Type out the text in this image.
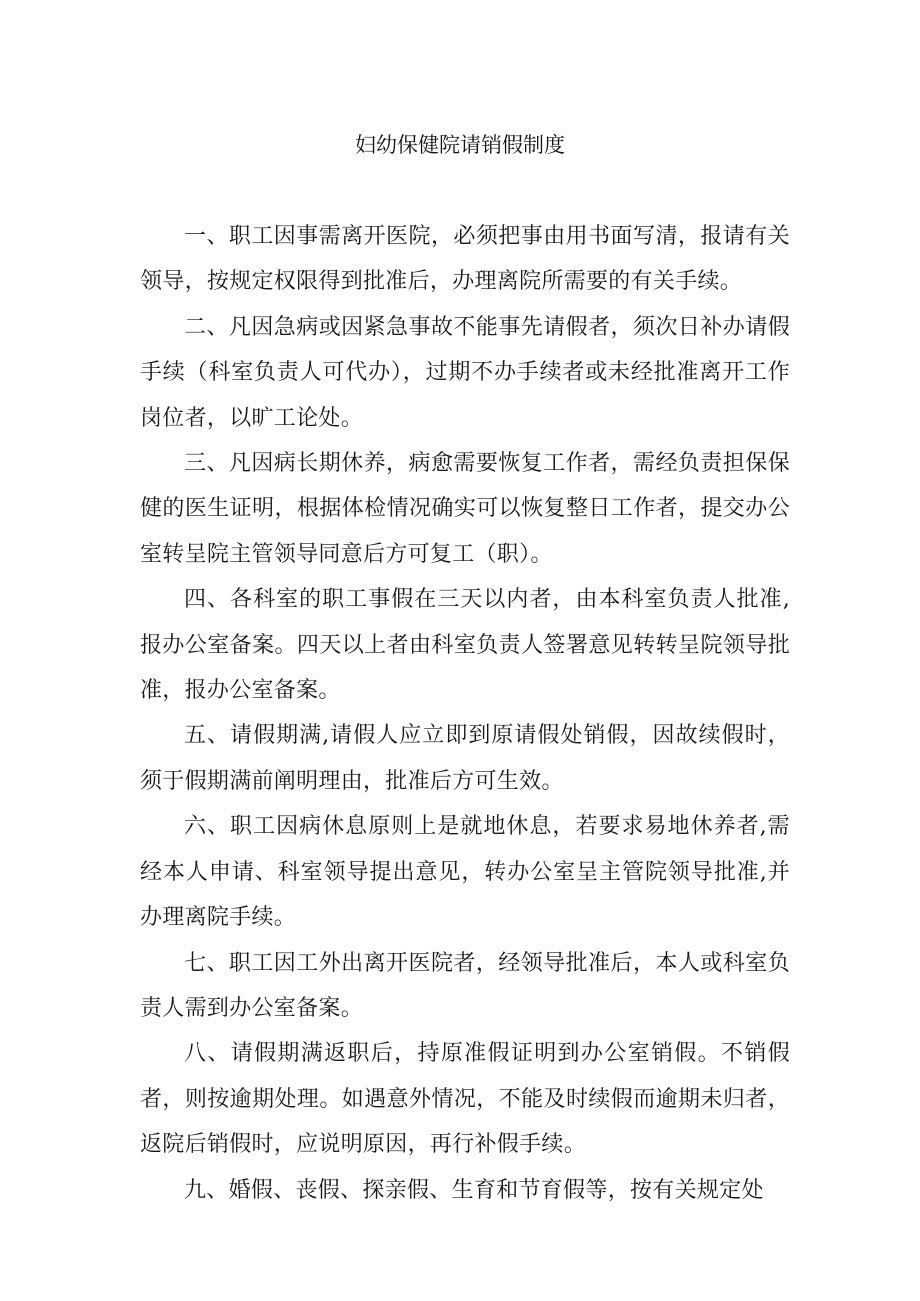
妇幼保健院请销假制度

一、职工因事需离开医院，必须把事由用书面写清，报请有关领导，按规定权限得到批准后，办理离院所需要的有关手续。

二、凡因急病或因紧急事故不能事先请假者，须次日补办请假手续（科室负责人可代办），过期不办手续者或未经批准离开工作岗位者，以旷工论处。

三、凡因病长期休养，病愈需要恢复工作者，需经负责担保保健的医生证明，根据体检情况确实可以恢复整日工作者，提交办公室转呈院主管领导同意后方可复工（职）。

四、各科室的职工事假在三天以内者，由本科室负责人批准,报办公室备案。四天以上者由科室负责人签署意见转转呈院领导批准，报办公室备案。

五、请假期满,请假人应立即到原请假处销假，因故续假时，须于假期满前阐明理由，批准后方可生效。

六、职工因病休息原则上是就地休息，若要求易地休养者,需经本人申请、科室领导提出意见，转办公室呈主管院领导批准,并办理离院手续。

七、职工因工外出离开医院者，经领导批准后，本人或科室负责人需到办公室备案。

八、请假期满返职后，持原准假证明到办公室销假。不销假者，则按逾期处理。如遇意外情况，不能及时续假而逾期未归者，返院后销假时，应说明原因，再行补假手续。

九、婚假、丧假、探亲假、生育和节育假等，按有关规定处
